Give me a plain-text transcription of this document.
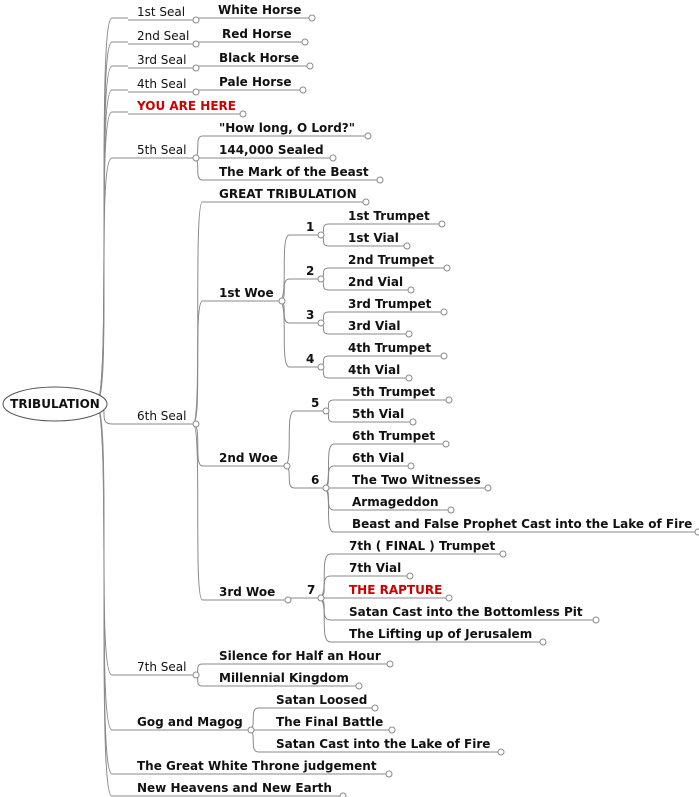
TRIBULATION
1st Seal	White Horse
2nd Seal	Red Horse
3rd Seal	Black Horse
4th Seal	Pale Horse
YOU ARE HERE
5th Seal
"How long, O Lord?"
144,000 Sealed
The Mark of the Beast
6th Seal
GREAT TRIBULATION
1st Woe
1
1st Trumpet
1st Vial
2
2nd Trumpet
2nd Vial
3
3rd Trumpet
3rd Vial
4
4th Trumpet
4th Vial
2nd Woe
5
5th Trumpet
5th Vial
6
6th Trumpet
6th Vial
The Two Witnesses
Armageddon
Beast and False Prophet Cast into the Lake of Fire
3rd Woe	7
7th ( FINAL ) Trumpet
7th Vial
THE RAPTURE
Satan Cast into the Bottomless Pit
The Lifting up of Jerusalem
7th Seal
Silence for Half an Hour
Millennial Kingdom
Gog and Magog
Satan Loosed
The Final Battle
Satan Cast into the Lake of Fire
The Great White Throne judgement
New Heavens and New Earth
